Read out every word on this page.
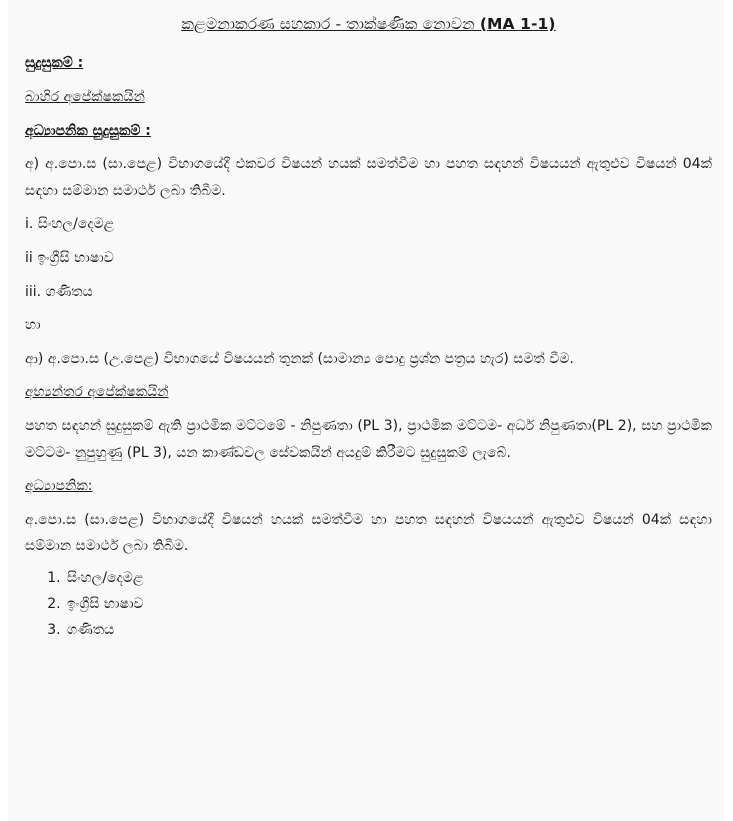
කළමනාකරණ සහකාර - තාක්ෂණික නොවන (MA 1-1)

සුදුසුකම් :

බාහිර අපේක්ෂකයින්

අධ්‍යාපනික සුදුසුකම් :

අ) අ.පො.ස (සා.පෙළ) විභාගයේදී එකවර විෂයන් හයක් සමත්වීම හා පහත සඳහන් විෂයයන් ඇතුළුව විෂයන් 04ක් සඳහා සම්මාන සමාර්ථ ලබා තිබීම.

i. සිංහල/දෙමළ

ii ඉංග්‍රීසි භාෂාව

iii. ගණිතය

හා

ආ) අ.පො.ස (උ.පෙළ) විභාගයේ විෂයයන් තුනක් (සාමාන්‍ය පොදු ප්‍රශ්න පත්‍රය හැර) සමත් වීම.

අභ්‍යන්තර අපේක්ෂකයින්

පහත සඳහන් සුදුසුකම් ඇති ප්‍රාථමික මට්ටමේ - නිපුණතා (PL 3), ප්‍රාථමික මට්ටම- අර්ධ නිපුණතා(PL 2), සහ ප්‍රාථමික මට්ටම- නුපුහුණු (PL 3), යන කාණ්ඩවල සේවකයින් අයදුම් කිරීමට සුදුසුකම් ලැබේ.

අධ්‍යාපනික:

අ.පො.ස (සා.පෙළ) විභාගයේදී විෂයන් හයක් සමත්වීම හා පහත සඳහන් විෂයයන් ඇතුළුව විෂයන් 04ක් සඳහා සම්මාන සමාර්ථ ලබා තිබීම.

1. සිංහල/දෙමළ
2. ඉංග්‍රීසි භාෂාව
3. ගණිතය
